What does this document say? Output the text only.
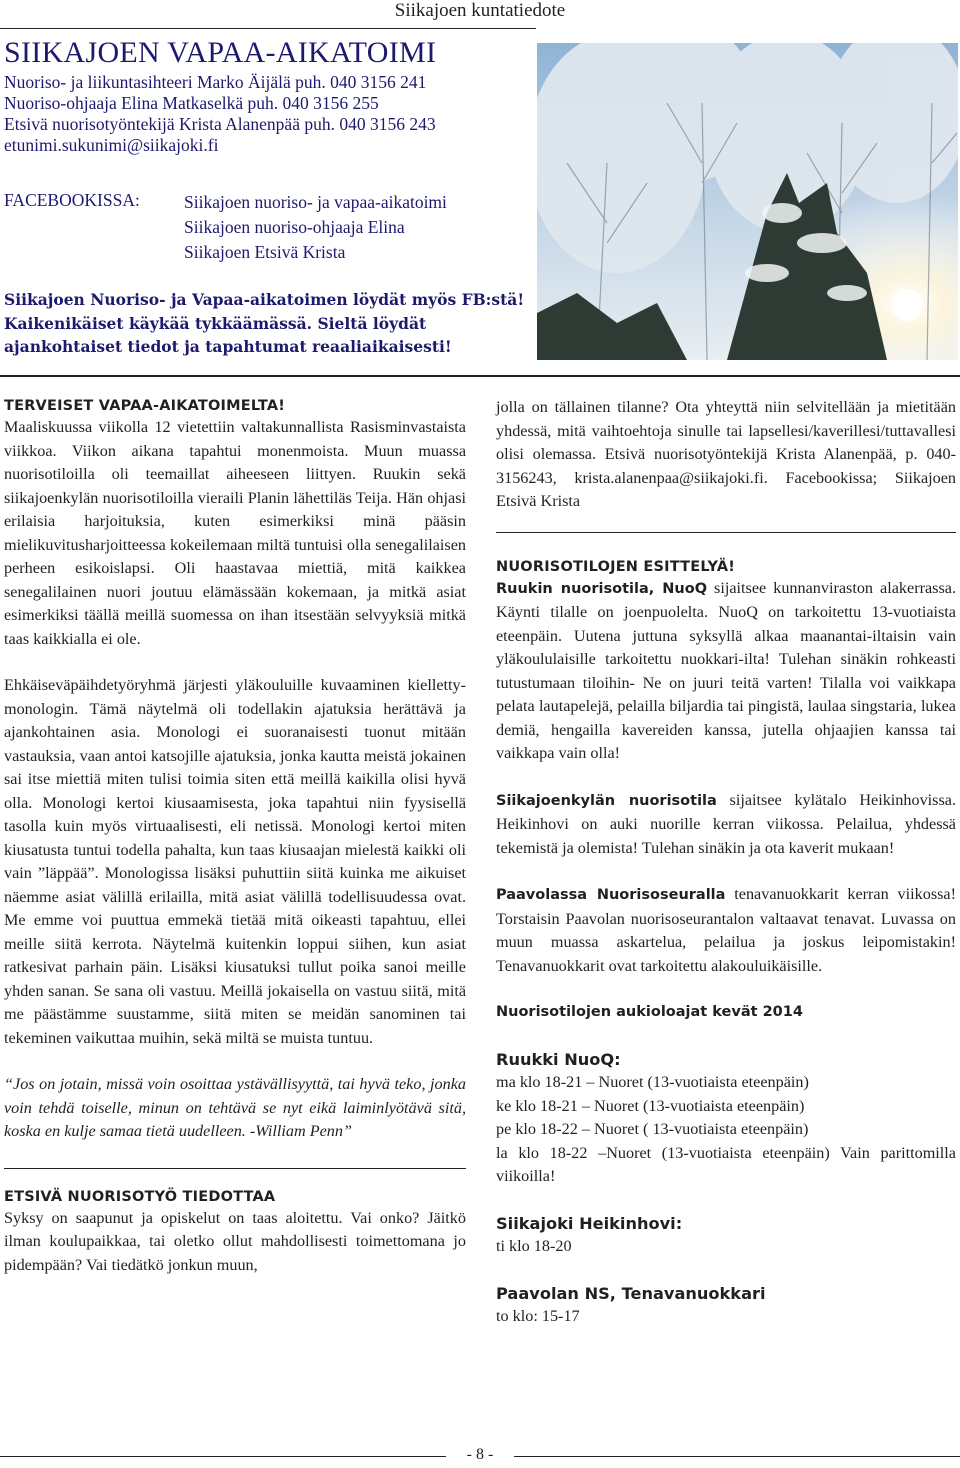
Siikajoen kuntatiedote
SIIKAJOEN VAPAA-AIKATOIMI
Nuoriso- ja liikuntasihteeri Marko Äijälä puh. 040 3156 241
Nuoriso-ohjaaja Elina Matkaselkä puh. 040 3156 255
Etsivä nuorisotyöntekijä Krista Alanenpää puh. 040 3156 243
etunimi.sukunimi@siikajoki.fi
FACEBOOKISSA:	Siikajoen nuoriso- ja vapaa-aikatoimi
Siikajoen nuoriso-ohjaaja Elina
Siikajoen Etsivä Krista
Siikajoen Nuoriso- ja Vapaa-aikatoimen löydät myös FB:stä!
Kaikenikäiset käykää tykkäämässä. Sieltä löydät
ajankohtaiset tiedot ja tapahtumat reaaliaikaisesti!
TERVEISET VAPAA-AIKATOIMELTA!

Maaliskuussa viikolla 12 vietettiin valtakunnallista Rasisminvastaista viikkoa. Viikon aikana tapahtui monenmoista. Muun muassa nuorisotiloilla oli teemaillat aiheeseen liittyen. Ruukin sekä siikajoenkylän nuorisotiloilla vieraili Planin lähettiläs Teija. Hän ohjasi erilaisia harjoituksia, kuten esimerkiksi minä pääsin mielikuvitusharjoitteessa kokeilemaan miltä tuntuisi olla senegalilaisen perheen esikoislapsi. Oli haastavaa miettiä, mitä kaikkea senegalilainen nuori joutuu elämässään kokemaan, ja mitkä asiat esimerkiksi täällä meillä suomessa on ihan itsestään selvyyksiä mitkä taas kaikkialla ei ole.

Ehkäiseväpäihdetyöryhmä järjesti yläkouluille kuvaaminen kielletty-monologin. Tämä näytelmä oli todellakin ajatuksia herättävä ja ajankohtainen asia. Monologi ei suoranaisesti tuonut mitään vastauksia, vaan antoi katsojille ajatuksia, jonka kautta meistä jokainen sai itse miettiä miten tulisi toimia siten että meillä kaikilla olisi hyvä olla. Monologi kertoi kiusaamisesta, joka tapahtui niin fyysisellä tasolla kuin myös virtuaalisesti, eli netissä. Monologi kertoi miten kiusatusta tuntui todella pahalta, kun taas kiusaajan mielestä kaikki oli vain ”läppää”. Monologissa lisäksi puhuttiin siitä kuinka me aikuiset näemme asiat välillä erilailla, mitä asiat välillä todellisuudessa ovat. Me emme voi puuttua emmekä tietää mitä oikeasti tapahtuu, ellei meille siitä kerrota. Näytelmä kuitenkin loppui siihen, kun asiat ratkesivat parhain päin. Lisäksi kiusatuksi tullut poika sanoi meille yhden sanan. Se sana oli vastuu. Meillä jokaisella on vastuu siitä, mitä me päästämme suustamme, siitä miten se meidän sanominen tai tekeminen vaikuttaa muihin, sekä miltä se muista tuntuu.

“Jos on jotain, missä voin osoittaa ystävällisyyttä, tai hyvä teko, jonka voin tehdä toiselle, minun on tehtävä se nyt eikä laiminlyötävä sitä, koska en kulje samaa tietä uudelleen. -William Penn”

ETSIVÄ NUORISOTYÖ TIEDOTTAA

Syksy on saapunut ja opiskelut on taas aloitettu. Vai onko? Jäitkö ilman koulupaikkaa, tai oletko ollut mahdollisesti toimettomana jo pidempään? Vai tiedätkö jonkun muun,

jolla on tällainen tilanne? Ota yhteyttä niin selvitellään ja mietitään yhdessä, mitä vaihtoehtoja sinulle tai lapsellesi/kaverillesi/tuttavallesi olisi olemassa. Etsivä nuorisotyöntekijä Krista Alanenpää, p. 040-3156243, krista.alanenpaa@siikajoki.fi. Facebookissa; Siikajoen Etsivä Krista

NUORISOTILOJEN ESITTELYÄ!

Ruukin nuorisotila, NuoQ sijaitsee kunnanviraston alakerrassa. Käynti tilalle on joenpuolelta. NuoQ on tarkoitettu 13-vuotiaista eteenpäin. Uutena juttuna syksyllä alkaa maanantai-iltaisin vain yläkoululaisille tarkoitettu nuokkari-ilta! Tulehan sinäkin rohkeasti tutustumaan tiloihin- Ne on juuri teitä varten! Tilalla voi vaikkapa pelata lautapelejä, pelailla biljardia tai pingistä, laulaa singstaria, lukea demiä, hengailla kavereiden kanssa, jutella ohjaajien kanssa tai vaikkapa vain olla!

Siikajoenkylän nuorisotila sijaitsee kylätalo Heikinhovissa. Heikinhovi on auki nuorille kerran viikossa. Pelailua, yhdessä tekemistä ja olemista! Tulehan sinäkin ja ota kaverit mukaan!

Paavolassa Nuorisoseuralla tenavanuokkarit kerran viikossa! Torstaisin Paavolan nuorisoseurantalon valtaavat tenavat. Luvassa on muun muassa askartelua, pelailua ja joskus leipomistakin! Tenavanuokkarit ovat tarkoitettu alakouluikäisille.

Nuorisotilojen aukioloajat kevät 2014
Ruukki NuoQ:
ma klo 18-21 – Nuoret (13-vuotiaista eteenpäin)
ke klo 18-21 – Nuoret (13-vuotiaista eteenpäin)
pe klo 18-22 – Nuoret ( 13-vuotiaista eteenpäin)
la klo 18-22 –Nuoret (13-vuotiaista eteenpäin) Vain parittomilla viikoilla!
Siikajoki Heikinhovi:
ti klo 18-20
Paavolan NS, Tenavanuokkari
to klo: 15-17
- 8 -
